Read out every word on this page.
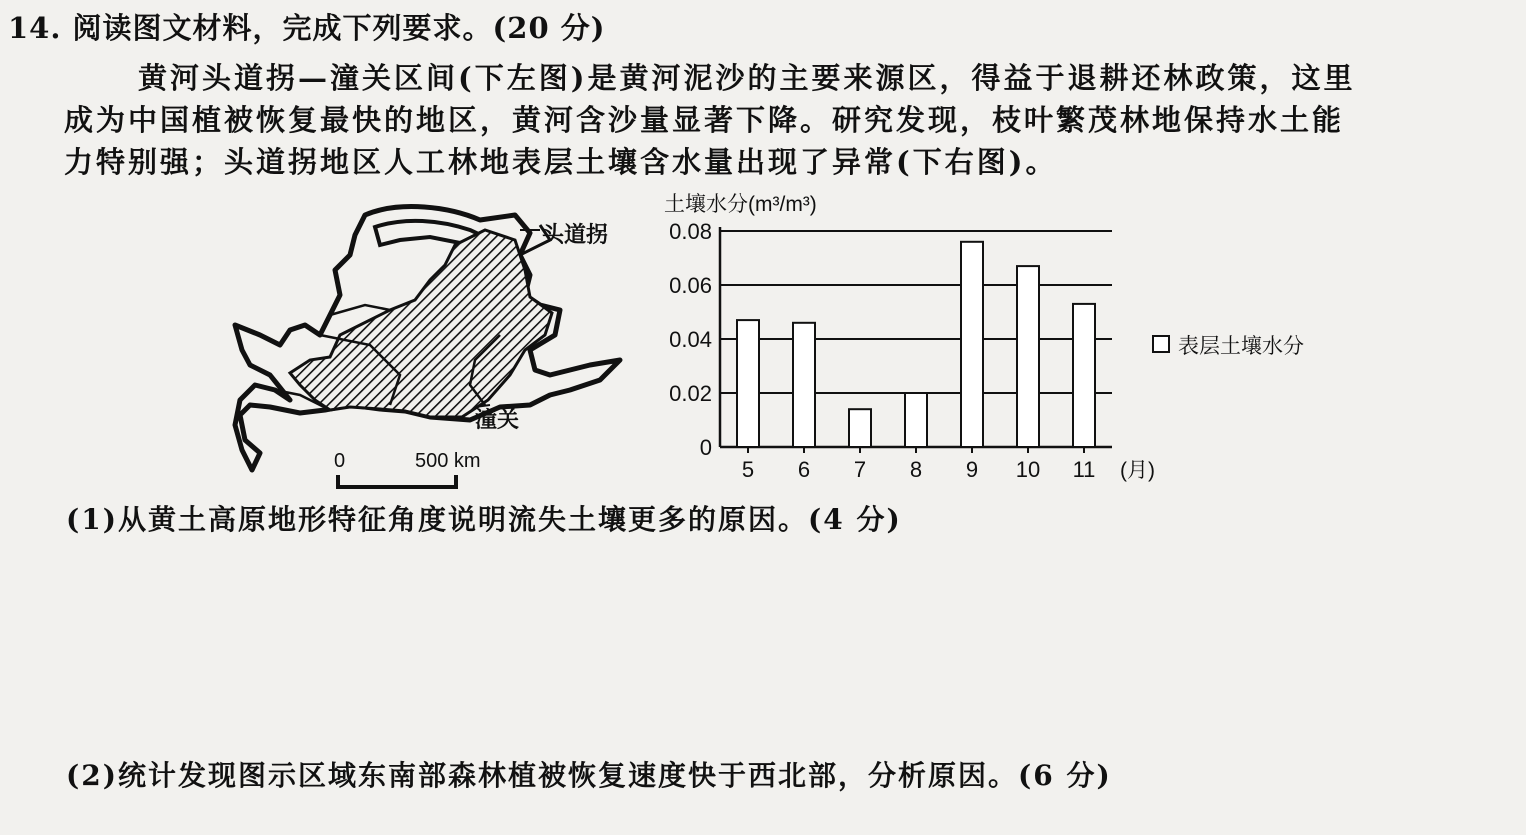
14. 阅读图文材料，完成下列要求。(20 分)
黄河头道拐—潼关区间(下左图)是黄河泥沙的主要来源区，得益于退耕还林政策，这里
成为中国植被恢复最快的地区，黄河含沙量显著下降。研究发现，枝叶繁茂林地保持水土能
力特别强；头道拐地区人工林地表层土壤含水量出现了异常(下右图)。
头道拐
潼关
0	500 km
土壤水分(m³/m³)
0
0.02
0.04
0.06
0.08
5 6 7 8 9 10 11 (月)
表层土壤水分
(1)从黄土高原地形特征角度说明流失土壤更多的原因。(4 分)
(2)统计发现图示区域东南部森林植被恢复速度快于西北部，分析原因。(6 分)
